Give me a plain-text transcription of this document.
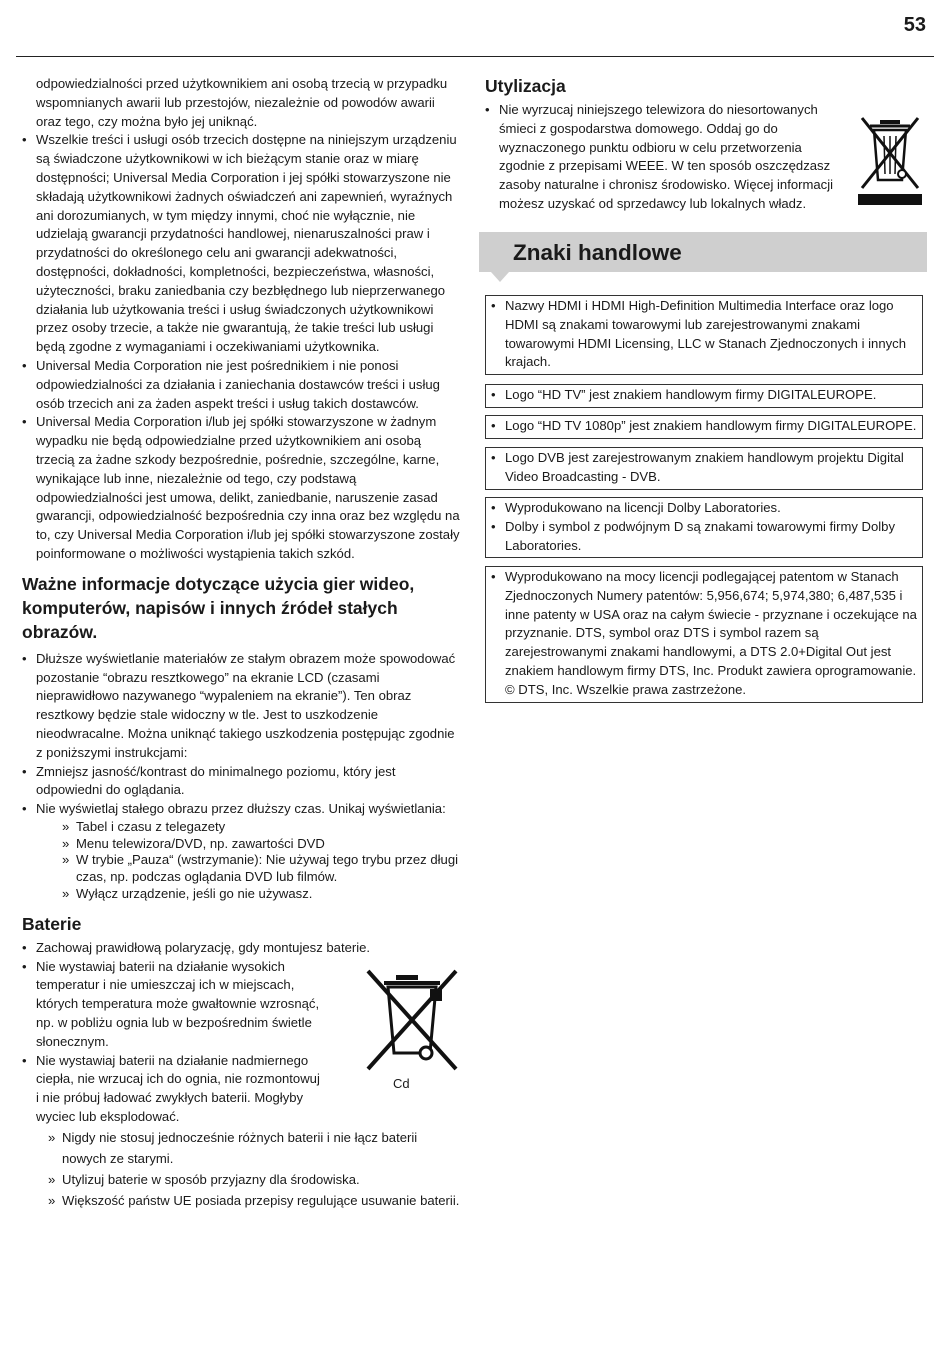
53
odpowiedzialności przed użytkownikiem ani osobą trzecią w przypadku wspomnianych awarii lub przestojów, niezależnie od powodów awarii oraz tego, czy można było jej uniknąć.
• Wszelkie treści i usługi osób trzecich dostępne na niniejszym urządzeniu są świadczone użytkownikowi w ich bieżącym stanie oraz w miarę dostępności; Universal Media Corporation i jej spółki stowarzyszone nie składają użytkownikowi żadnych oświadczeń ani zapewnień, wyraźnych ani dorozumianych, w tym między innymi, choć nie wyłącznie, nie udzielają gwarancji przydatności handlowej, nienaruszalności praw i przydatności do określonego celu ani gwarancji adekwatności, dostępności, dokładności, kompletności, bezpieczeństwa, własności, użyteczności, braku zaniedbania czy bezbłędnego lub nieprzerwanego działania lub użytkowania treści i usług świadczonych użytkownikowi przez osoby trzecie, a także nie gwarantują, że takie treści lub usługi będą zgodne z wymaganiami i oczekiwaniami użytkownika.
• Universal Media Corporation nie jest pośrednikiem i nie ponosi odpowiedzialności za działania i zaniechania dostawców treści i usług osób trzecich ani za żaden aspekt treści i usług takich dostawców.
• Universal Media Corporation i/lub jej spółki stowarzyszone w żadnym wypadku nie będą odpowiedzialne przed użytkownikiem ani osobą trzecią za żadne szkody bezpośrednie, pośrednie, szczególne, karne, wynikające lub inne, niezależnie od tego, czy podstawą odpowiedzialności jest umowa, delikt, zaniedbanie, naruszenie zasad gwarancji, odpowiedzialność bezpośrednia czy inna oraz bez względu na to, czy Universal Media Corporation i/lub jej spółki stowarzyszone zostały poinformowane o możliwości wystąpienia takich szkód.
Ważne informacje dotyczące użycia gier wideo, komputerów, napisów i innych źródeł stałych obrazów.
• Dłuższe wyświetlanie materiałów ze stałym obrazem może spowodować pozostanie “obrazu resztkowego” na ekranie LCD (czasami nieprawidłowo nazywanego “wypaleniem na ekranie”). Ten obraz resztkowy będzie stale widoczny w tle. Jest to uszkodzenie nieodwracalne. Można uniknąć takiego uszkodzenia postępując zgodnie z poniższymi instrukcjami:
• Zmniejsz jasność/kontrast do minimalnego poziomu, który jest odpowiedni do oglądania.
• Nie wyświetlaj stałego obrazu przez dłuższy czas. Unikaj wyświetlania:
» Tabel i czasu z telegazety
» Menu telewizora/DVD, np. zawartości DVD
» W trybie „Pauza“ (wstrzymanie): Nie używaj tego trybu przez długi czas, np. podczas oglądania DVD lub filmów.
» Wyłącz urządzenie, jeśli go nie używasz.
Baterie
• Zachowaj prawidłową polaryzację, gdy montujesz baterie.
• Nie wystawiaj baterii na działanie wysokich temperatur i nie umieszczaj ich w miejscach, których temperatura może gwałtownie wzrosnąć, np. w pobliżu ognia lub w bezpośrednim świetle słonecznym.
• Nie wystawiaj baterii na działanie nadmiernego ciepła, nie wrzucaj ich do ognia, nie rozmontowuj i nie próbuj ładować zwykłych baterii. Mogłyby wyciec lub eksplodować.
» Nigdy nie stosuj jednocześnie różnych baterii i nie łącz baterii nowych ze starymi.
» Utylizuj baterie w sposób przyjazny dla środowiska.
» Większość państw UE posiada przepisy regulujące usuwanie baterii.
Cd
Utylizacja
• Nie wyrzucaj niniejszego telewizora do niesortowanych śmieci z gospodarstwa domowego. Oddaj go do wyznaczonego punktu odbioru w celu przetworzenia zgodnie z przepisami WEEE. W ten sposób oszczędzasz zasoby naturalne i chronisz środowisko. Więcej informacji możesz uzyskać od sprzedawcy lub lokalnych władz.
Znaki handlowe
• Nazwy HDMI i HDMI High-Definition Multimedia Interface oraz logo HDMI są znakami towarowymi lub zarejestrowanymi znakami towarowymi HDMI Licensing, LLC w Stanach Zjednoczonych i innych krajach.
• Logo “HD TV” jest znakiem handlowym firmy DIGITALEUROPE.
• Logo “HD TV 1080p” jest znakiem handlowym firmy DIGITALEUROPE.
• Logo DVB jest zarejestrowanym znakiem handlowym projektu Digital Video Broadcasting - DVB.
• Wyprodukowano na licencji Dolby Laboratories.
• Dolby i symbol z podwójnym D są znakami towarowymi firmy Dolby Laboratories.
• Wyprodukowano na mocy licencji podlegającej patentom w Stanach Zjednoczonych Numery patentów: 5,956,674; 5,974,380; 6,487,535 i inne patenty w USA oraz na całym świecie - przyznane i oczekujące na przyznanie. DTS, symbol oraz DTS i symbol razem są zarejestrowanymi znakami handlowymi, a DTS 2.0+Digital Out jest znakiem handlowym firmy DTS, Inc. Produkt zawiera oprogramowanie. © DTS, Inc. Wszelkie prawa zastrzeżone.
